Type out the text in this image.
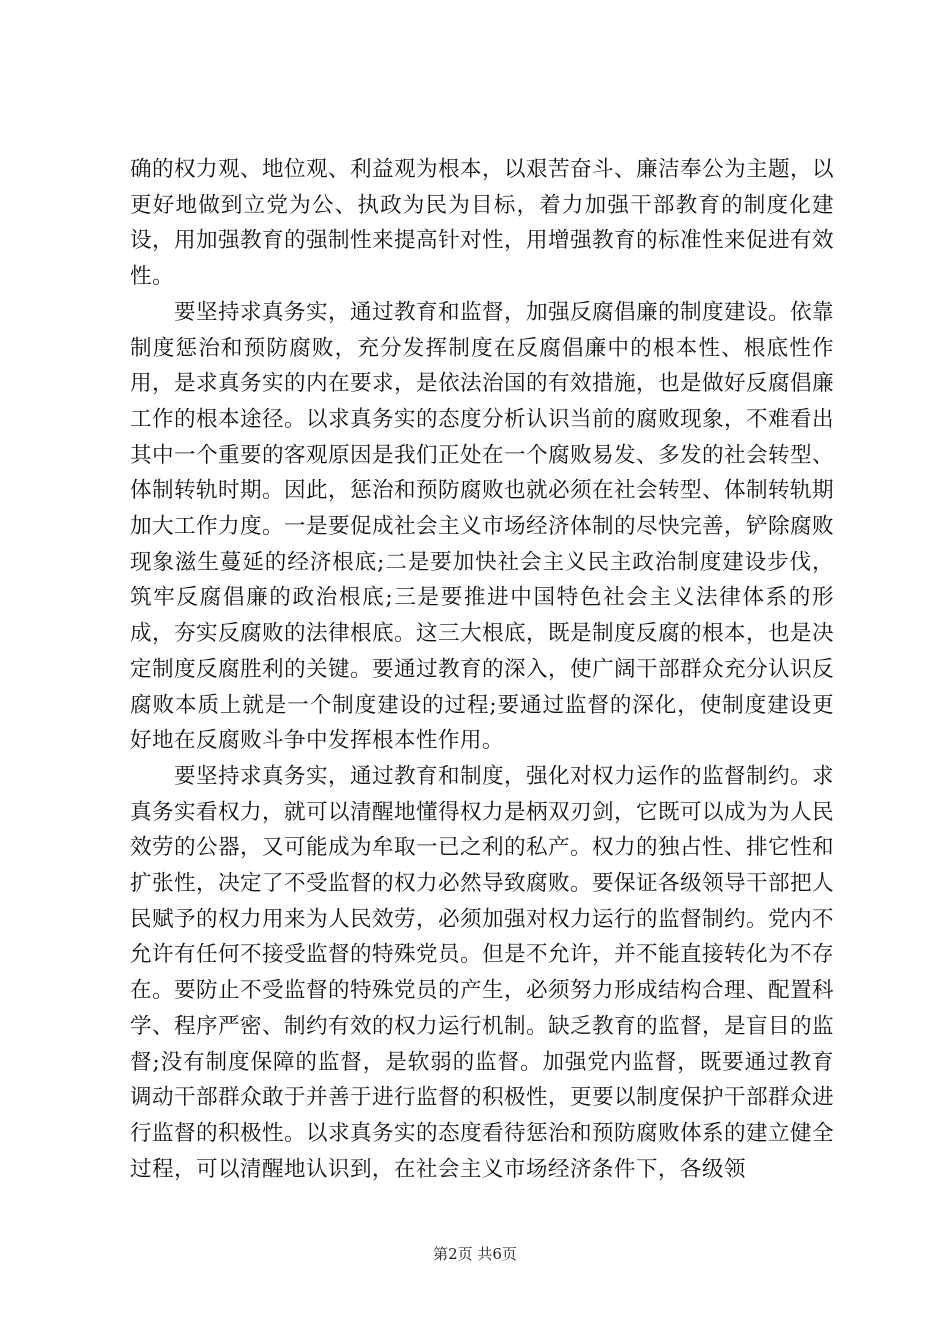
确的权力观、地位观、利益观为根本，以艰苦奋斗、廉洁奉公为主题，以更好地做到立党为公、执政为民为目标，着力加强干部教育的制度化建设，用加强教育的强制性来提高针对性，用增强教育的标准性来促进有效性。

要坚持求真务实，通过教育和监督，加强反腐倡廉的制度建设。依靠制度惩治和预防腐败，充分发挥制度在反腐倡廉中的根本性、根底性作用，是求真务实的内在要求，是依法治国的有效措施，也是做好反腐倡廉工作的根本途径。以求真务实的态度分析认识当前的腐败现象，不难看出其中一个重要的客观原因是我们正处在一个腐败易发、多发的社会转型、体制转轨时期。因此，惩治和预防腐败也就必须在社会转型、体制转轨期加大工作力度。一是要促成社会主义市场经济体制的尽快完善，铲除腐败现象滋生蔓延的经济根底;二是要加快社会主义民主政治制度建设步伐，筑牢反腐倡廉的政治根底;三是要推进中国特色社会主义法律体系的形成，夯实反腐败的法律根底。这三大根底，既是制度反腐的根本，也是决定制度反腐胜利的关键。要通过教育的深入，使广阔干部群众充分认识反腐败本质上就是一个制度建设的过程;要通过监督的深化，使制度建设更好地在反腐败斗争中发挥根本性作用。

要坚持求真务实，通过教育和制度，强化对权力运作的监督制约。求真务实看权力，就可以清醒地懂得权力是柄双刃剑，它既可以成为为人民效劳的公器，又可能成为牟取一已之利的私产。权力的独占性、排它性和扩张性，决定了不受监督的权力必然导致腐败。要保证各级领导干部把人民赋予的权力用来为人民效劳，必须加强对权力运行的监督制约。党内不允许有任何不接受监督的特殊党员。但是不允许，并不能直接转化为不存在。要防止不受监督的特殊党员的产生，必须努力形成结构合理、配置科学、程序严密、制约有效的权力运行机制。缺乏教育的监督，是盲目的监督;没有制度保障的监督，是软弱的监督。加强党内监督，既要通过教育调动干部群众敢于并善于进行监督的积极性，更要以制度保护干部群众进行监督的积极性。以求真务实的态度看待惩治和预防腐败体系的建立健全过程，可以清醒地认识到，在社会主义市场经济条件下，各级领

第2页 共6页
